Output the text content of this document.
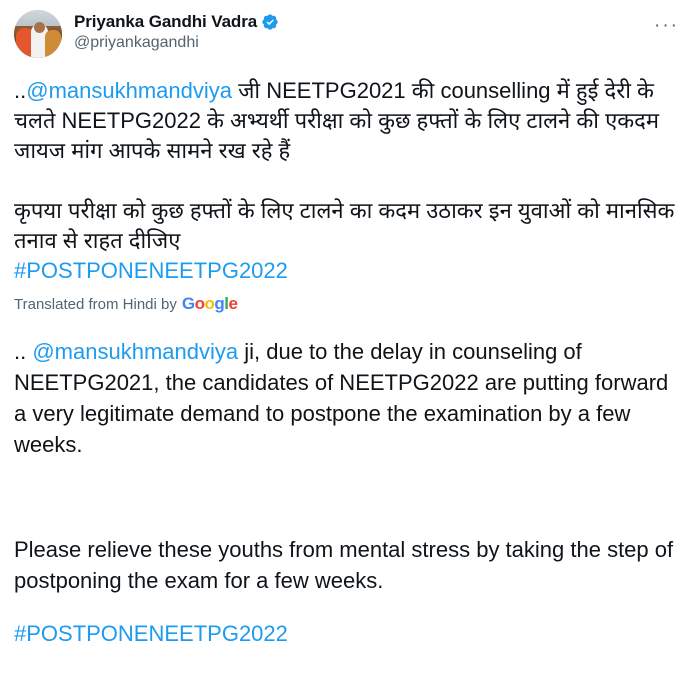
Priyanka Gandhi Vadra
@priyankagandhi
···

..@mansukhmandviya जी NEETPG2021 की counselling में हुई देरी के चलते NEETPG2022 के अभ्यर्थी परीक्षा को कुछ हफ्तों के लिए टालने की एकदम जायज मांग आपके सामने रख रहे हैं

कृपया परीक्षा को कुछ हफ्तों के लिए टालने का कदम उठाकर इन युवाओं को मानसिक तनाव से राहत दीजिए

#POSTPONENEETPG2022

Translated from Hindi by Google

.. @mansukhmandviya ji, due to the delay in counseling of NEETPG2021, the candidates of NEETPG2022 are putting forward a very legitimate demand to postpone the examination by a few weeks.

Please relieve these youths from mental stress by taking the step of postponing the exam for a few weeks.

#POSTPONENEETPG2022
